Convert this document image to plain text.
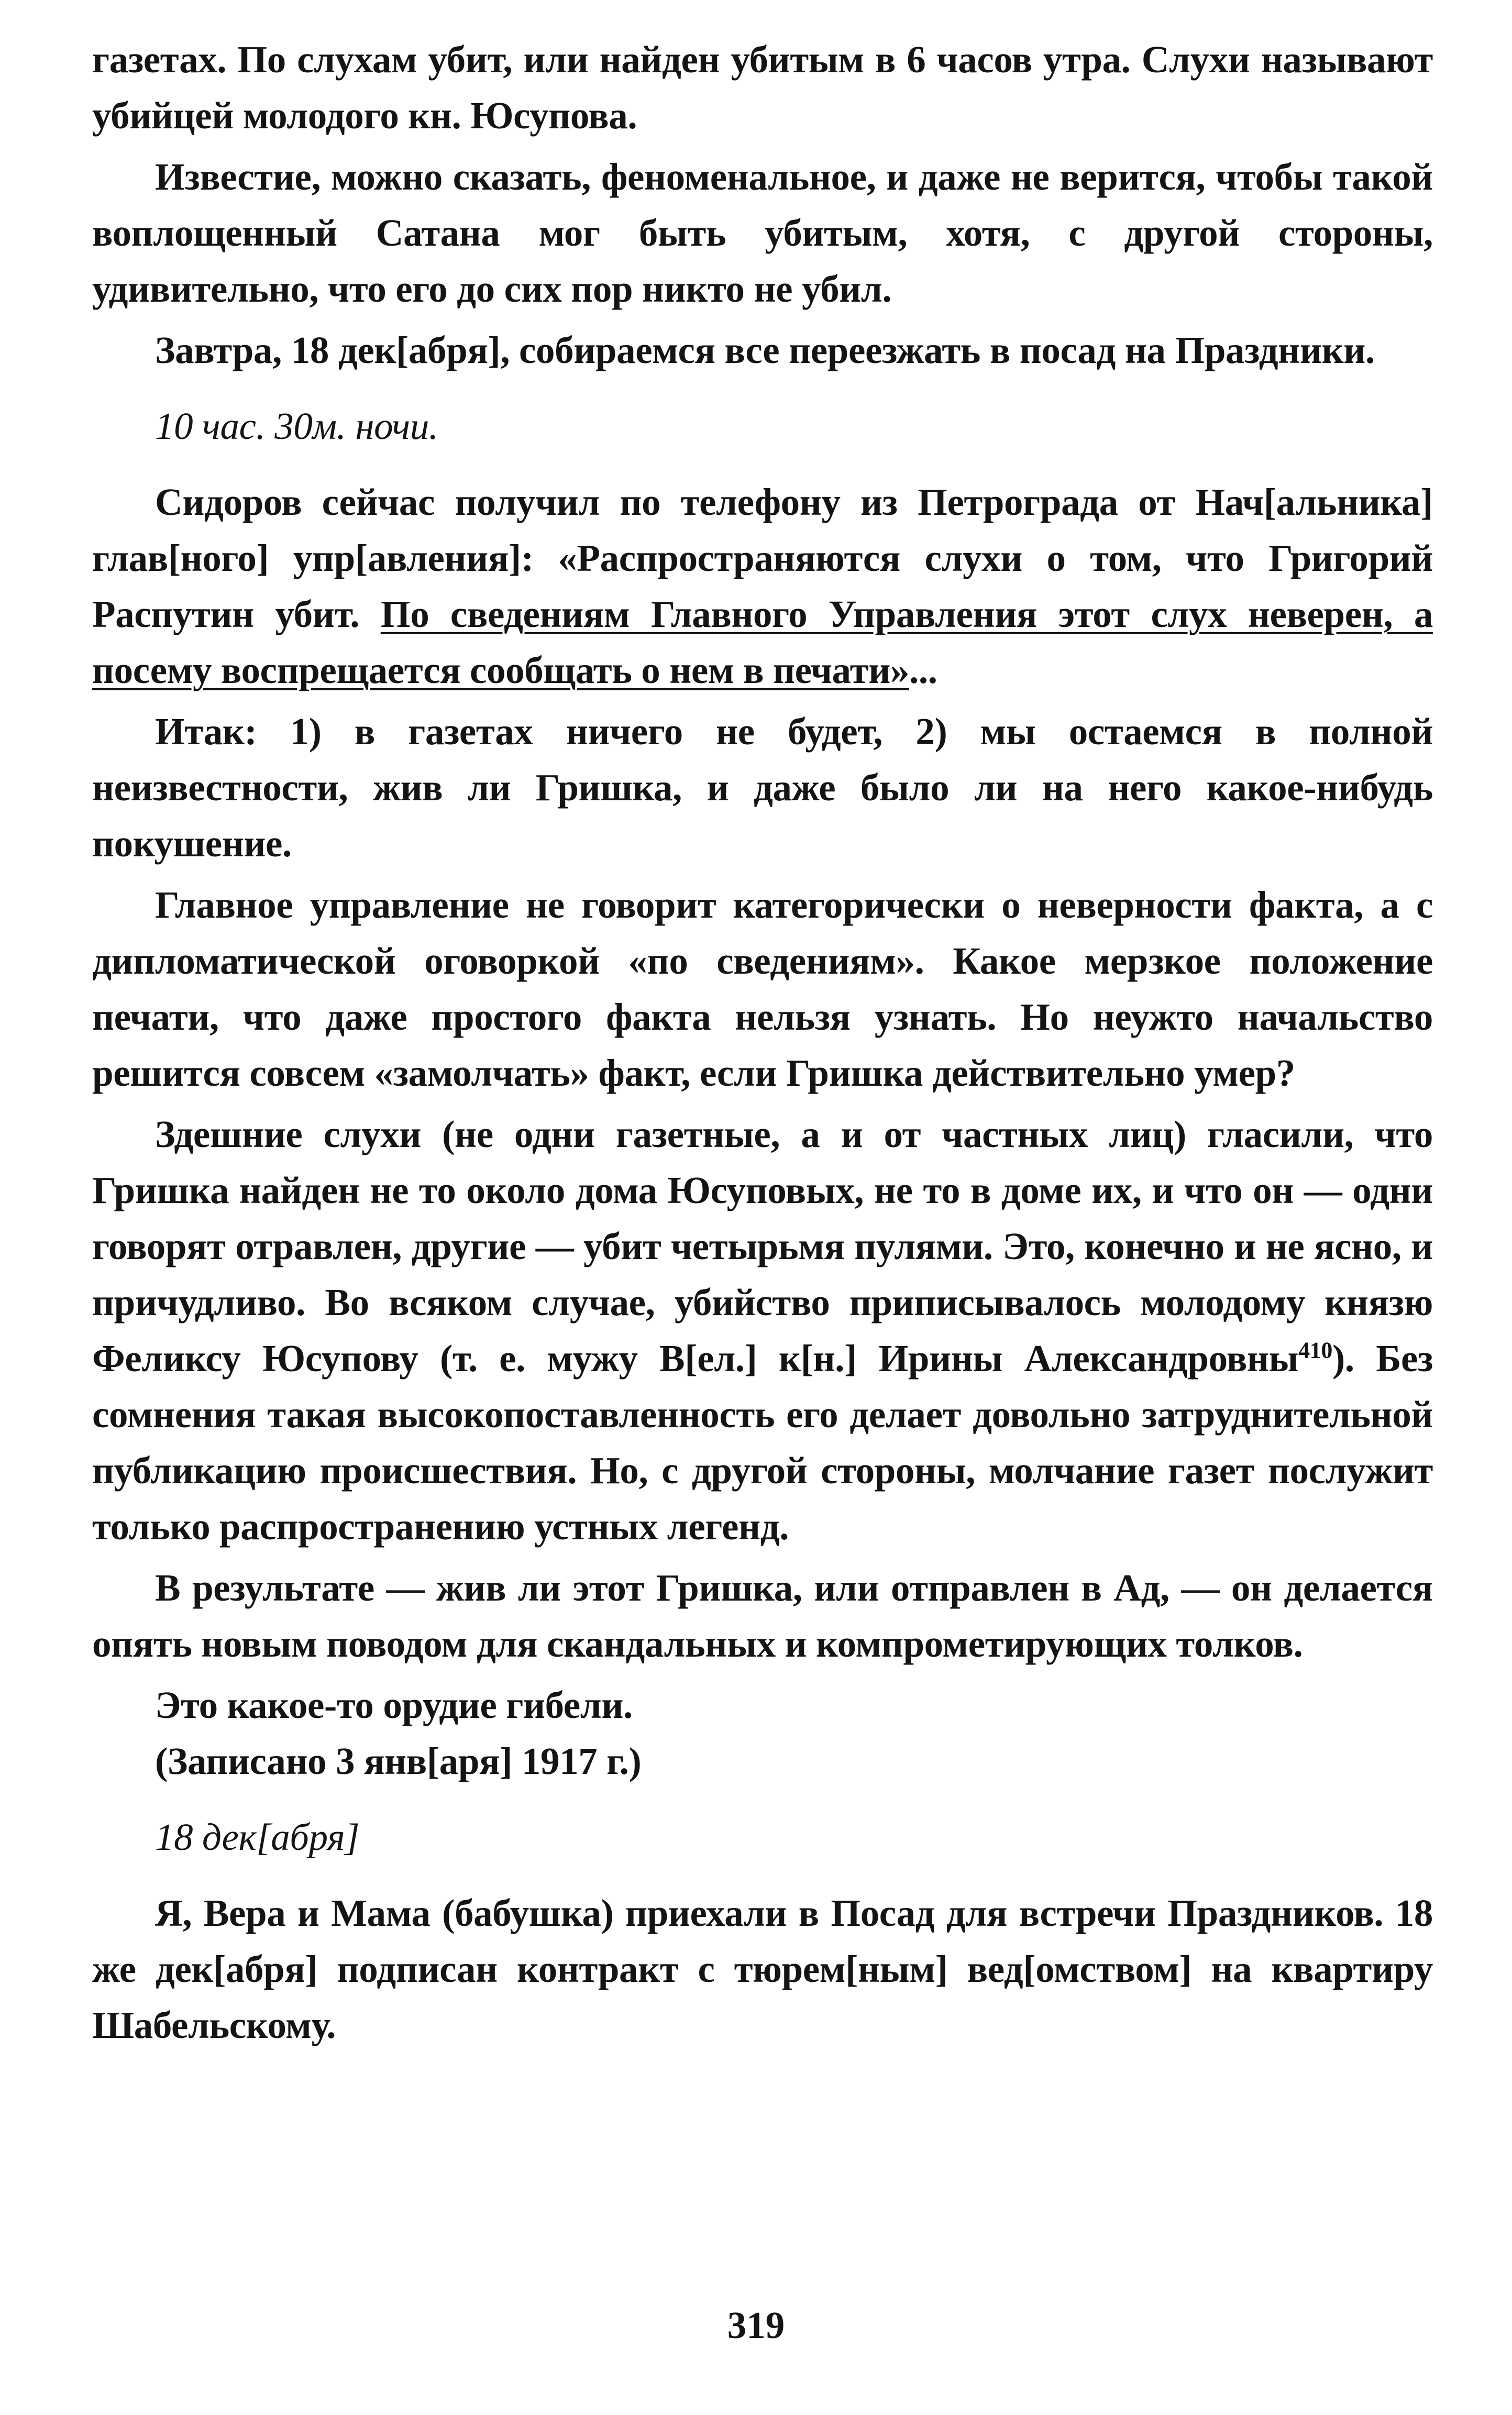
газетах. По слухам убит, или найден убитым в 6 часов утра. Слухи называют убийцей молодого кн. Юсупова.

Известие, можно сказать, феноменальное, и даже не верится, чтобы такой воплощенный Сатана мог быть убитым, хотя, с другой стороны, удивительно, что его до сих пор никто не убил.

Завтра, 18 дек[абря], собираемся все переезжать в посад на Праздники.

10 час. 30м. ночи.

Сидоров сейчас получил по телефону из Петрограда от Нач[альника] глав[ного] упр[авления]: «Распространяются слухи о том, что Григорий Распутин убит. По сведениям Главного Управления этот слух неверен, а посему воспрещается сообщать о нем в печати»...

Итак: 1) в газетах ничего не будет, 2) мы остаемся в полной неизвестности, жив ли Гришка, и даже было ли на него какое-нибудь покушение.

Главное управление не говорит категорически о неверности факта, а с дипломатической оговоркой «по сведениям». Какое мерзкое положение печати, что даже простого факта нельзя узнать. Но неужто начальство решится совсем «замолчать» факт, если Гришка действительно умер?

Здешние слухи (не одни газетные, а и от частных лиц) гласили, что Гришка найден не то около дома Юсуповых, не то в доме их, и что он — одни говорят отравлен, другие — убит четырьмя пулями. Это, конечно и не ясно, и причудливо. Во всяком случае, убийство приписывалось молодому князю Феликсу Юсупову (т. е. мужу В[ел.] к[н.] Ирины Александровны$^{410}$). Без сомнения такая высокопоставленность его делает довольно затруднительной публикацию происшествия. Но, с другой стороны, молчание газет послужит только распространению устных легенд.

В результате — жив ли этот Гришка, или отправлен в Ад, — он делается опять новым поводом для скандальных и компрометирующих толков.

Это какое-то орудие гибели.

(Записано 3 янв[аря] 1917 г.)

18 дек[абря]

Я, Вера и Мама (бабушка) приехали в Посад для встречи Праздников. 18 же дек[абря] подписан контракт с тюрем[ным] вед[омством] на квартиру Шабельскому.

319
